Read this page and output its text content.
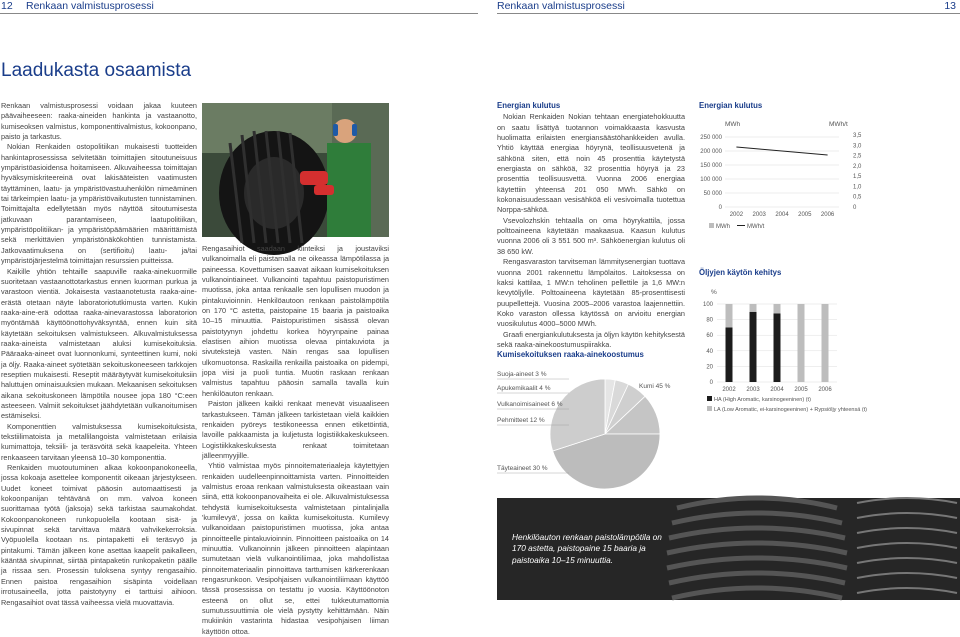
12 Renkaan valmistusprosessi	Renkaan valmistusprosessi	13
Laadukasta osaamista

Renkaan valmistusprosessi voidaan jakaa kuuteen päävaiheeseen: raaka-aineiden hankinta ja vastaanotto, kumiseoksen valmistus, komponenttivalmistus, kokoonpano, paisto ja tarkastus.

Nokian Renkaiden ostopolitiikan mukaisesti tuotteiden hankintaprosessissa selvitetään toimittajien sitoutuneisuus ympäristöasioidensa hoitamiseen. Alkuvaiheessa toimittajan hyväksymiskriteereinä ovat lakisääteisten vaatimusten täyttäminen, laatu- ja ympäristövastuuhenkilön nimeäminen tai tärkeimpien laatu- ja ympäristövaikutusten tunnistaminen. Toimittajalta edellytetään myös näyttöä sitoutumisesta jatkuvaan parantamiseen, laatupolitiikan, ympäristöpolitiikan- ja ympäristöpäämäärien määrittämistä sekä merkittävien ympäristönäkökohtien tunnistamista. Jatkovaatimuksena on (sertifioitu) laatu- ja/tai ympäristöjärjestelmä toimittajan resurssien puitteissa.

Kaikille yhtiön tehtaille saapuville raaka-ainekuormille suoritetaan vastaanottotarkastus ennen kuorman purkua ja varastoon vientiä. Jokaisesta vastaanotetusta raaka-aine-erästä otetaan näyte laboratoriotutkimusta varten. Kukin raaka-aine-erä odottaa raaka-ainevarastossa laboratorion myöntämää käyttöönottohyväksyntää, ennen kuin sitä käytetään sekoituksen valmistukseen. Alkuvalmistuksessa raaka-aineista valmistetaan aluksi kumisekoituksia. Pääraaka-aineet ovat luonnonkumi, synteettinen kumi, noki ja öljy. Raaka-aineet syötetään sekoituskoneeseen tarkkojen reseptien mukaisesti. Reseptit määräytyvät kumisekoituksiin haluttujen ominaisuuksien mukaan. Mekaanisen sekoituksen aikana sekoituskoneen lämpötila nousee jopa 180 °C:een asteeseen. Valmiit sekoitukset jäähdytetään vulkanoitumisen estämiseksi.

Komponenttien valmistuksessa kumisekoituksista, tekstiilimatoista ja metallilangoista valmistetaan erilaisia kumimattoja, teksiili- ja teräsvöitä sekä kaapeleita. Yhteen renkaaseen tarvitaan yleensä 10–30 komponenttia.

Renkaiden muotoutuminen alkaa kokoonpanokoneella, jossa kokoaja asettelee komponentit oikeaan järjestykseen. Uudet koneet toimivat pääosin automaattisesti ja kokoonpanijan tehtävänä on mm. valvoa koneen suorittamaa työtä (jaksoja) sekä tarkistaa saumakohdat. Kokoonpanokoneen runkopuolella kootaan sisä- ja sivupinnat sekä tarvittava määrä vahvikekerroksia. Vyöpuolella kootaan ns. pintapaketti eli teräsvyö ja pintakumi. Tämän jälkeen kone asettaa kaapelit paikalleen, kääntää sivupinnat, siirtää pintapaketin runkopaketin päälle ja rissaa sen. Prosessin tuloksena syntyy rengasaihio. Ennen paistoa rengasaihion sisäpinta voidellaan irrotusaineella, jotta paistotyyny ei tarttuisi aihioon. Rengasaihiot ovat tässä vaiheessa vielä muovattavia.

Rengasaihiot saadaan kiinteiksi ja joustaviksi vulkanoimalla eli paistamalla ne oikeassa lämpötilassa ja paineessa. Kovettumisen saavat aikaan kumisekoituksen vulkanointiaineet. Vulkanointi tapahtuu paistopuristimen muotissa, joka antaa renkaalle sen lopullisen muodon ja pintakuvioinnin. Henkilöautoon renkaan paistolämpötila on 170 °C astetta, paistopaine 15 baaria ja paistoaika 10–15 minuuttia. Paistopuristimen sisässä olevan paistotyynyn johdettu korkea höyrynpaine painaa elastisen aihion muotissa olevaa pintakuviota ja sivutekstejä vasten. Näin rengas saa lopullisen ulkomuotonsa. Raskailla renkailla paistoaika on pidempi, jopa viisi ja puoli tuntia. Muotin raskaan renkaan valmistus tapahtuu pääosin samalla tavalla kuin henkilöauton renkaan.

Paiston jälkeen kaikki renkaat menevät visuaaliseen tarkastukseen. Tämän jälkeen tarkistetaan vielä kaikkien renkaiden pyöreys testikoneessa ennen etiketöintiä, lavoille pakkaamista ja kuljetusta logistiikkakeskukseen. Logistiikkakeskuksesta renkaat toimitetaan jälleenmyyjille.

Yhtiö valmistaa myös pinnoitemateriaaleja käytettyjen renkaiden uudelleenpinnoittamista varten. Pinnoitteiden valmistus eroaa renkaan valmistuksesta oikeastaan vain siinä, että kokoonpanovaiheita ei ole. Alkuvalmistuksessa tehdystä kumisekoituksesta valmistetaan pintalinjalla 'kumilevyä', jossa on kaikta kumisekoitusta. Kumilevy vulkanoidaan paistopuristimen muotissa, joka antaa pinnoitteelle pintakuvioinnin. Pinnoitteen paistoaika on 14 minuuttia. Vulkanoinnin jälkeen pinnoitteen alapintaan sumutetaan vielä vulkanointiliimaa, joka mahdollistaa pinnoitemateriaalin pinnoittava tarttumisen kärkerenkaan rengasrunkoon. Vesipohjaisen vulkanointiliimaan käyttöö tässä prosessissa on testattu jo vuosia. Käyttöönoton esteenä on ollut se, ettei tukkeutumattomia sumutussuuttimia ole vielä pystytty kehittämään. Näin mukiinkin vastarinta hidastaa vesipohjaisen liiman käyttöön ottoa.

Energian kulutus

Nokian Renkaiden Nokian tehtaan energiatehokkuutta on saatu lisättyä tuotannon voimakkaasta kasvusta huolimatta erilaisten energiansäästöhankkeiden avulla. Yhtiö käyttää energiaa höyrynä, teollisuusvetenä ja sähkönä siten, että noin 45 prosenttia käytetystä energiasta on sähköä, 32 prosenttia höyryä ja 23 prosenttia teollisuusvettä. Vuonna 2006 energiaa käytettiin yhteensä 201 050 MWh. Sähkö on kokonaisuudessaan vesisähköä eli vesivoimalla tuotettua Norppa-sähköä.

Vsevolozhskin tehtaalla on oma höyrykattila, jossa polttoaineena käytetään maakaasua. Kaasun kulutus vuonna 2006 oli 3 551 500 m³. Sähköenergian kulutus oli 38 650 kW.

Rengasvaraston tarvitseman lämmitysenergian tuottava vuonna 2001 rakennettu lämpölaitos. Laitoksessa on kaksi kattilaa, 1 MW:n teholinen pellettile ja 1,6 MW:n kevytöljylle. Polttoaineena käytetään 85-prosenttisesti puupellettejä. Vuosina 2005–2006 varastoa laajennettiin. Koko varaston ollessa käytössä on arvioitu energian vuosikulutus 4000–5000 MWh.

Graafi energiankulutuksesta ja öljyn käytön kehityksestä sekä raaka-ainekoostumuspiirakka.

Kumisekoituksen raaka-ainekoostumus
Suoja-aineet 3 %
Apukemikaalit 4 %
Vulkanoimisaineet 6 %
Pehmitteet 12 %
Kumi 45 %
Täyteaineet 30 %
Energian kulutus
MWh	MWh/t
250 000
200 000
150 000
100 000
50 000
0
3,5
3,0
2,5
2,0
1,5
1,0
0,5
0
2002 2003 2004 2005 2006
MWh	MWh/t
Öljyjen käytön kehitys
%
100
80
60
40
20
0
2002 2003 2004 2005 2006
HA (High Aromatic, karsinogeeninen) (t)
LA (Low Aromatic, ei-karsinogeeninen) + Rypsiöljy yhteensä (t)
Henkilöauton renkaan paistolämpötila on 170 astetta, paistopaine 15 baaria ja paistoaika 10–15 minuuttia.
